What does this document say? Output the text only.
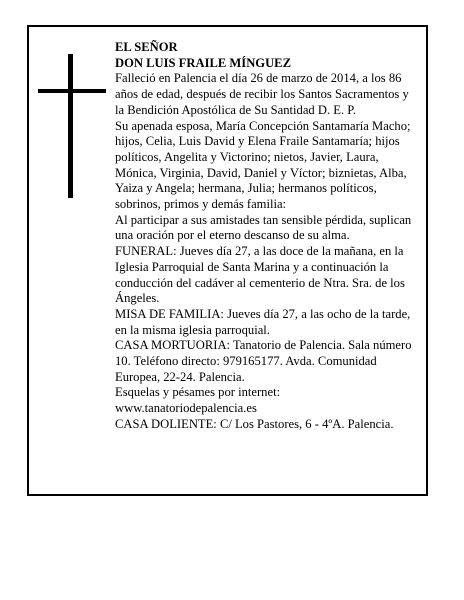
EL SEÑOR

DON LUIS FRAILE MÍNGUEZ

Falleció en Palencia el día 26 de marzo de 2014, a los 86 años de edad, después de recibir los Santos Sacramentos y la Bendición Apostólica de Su Santidad D. E. P.

Su apenada esposa, María Concepción Santamaría Macho; hijos, Celia, Luis David y Elena Fraile Santamaría; hijos políticos, Angelita y Victorino; nietos, Javier, Laura, Mónica, Virginia, David, Daniel y Víctor; biznietas, Alba, Yaiza y Angela; hermana, Julia; hermanos políticos, sobrinos, primos y demás familia:

Al participar a sus amistades tan sensible pérdida, suplican una oración por el eterno descanso de su alma.

FUNERAL: Jueves día 27, a las doce de la mañana, en la Iglesia Parroquial de Santa Marina y a continuación la conducción del cadáver al cementerio de Ntra. Sra. de los Ángeles.

MISA DE FAMILIA: Jueves día 27, a las ocho de la tarde, en la misma iglesia parroquial.

CASA MORTUORIA: Tanatorio de Palencia. Sala número 10. Teléfono directo: 979165177. Avda. Comunidad Europea, 22-24. Palencia.

Esquelas y pésames por internet: www.tanatoriodepalencia.es

CASA DOLIENTE: C/ Los Pastores, 6 - 4ºA. Palencia.
